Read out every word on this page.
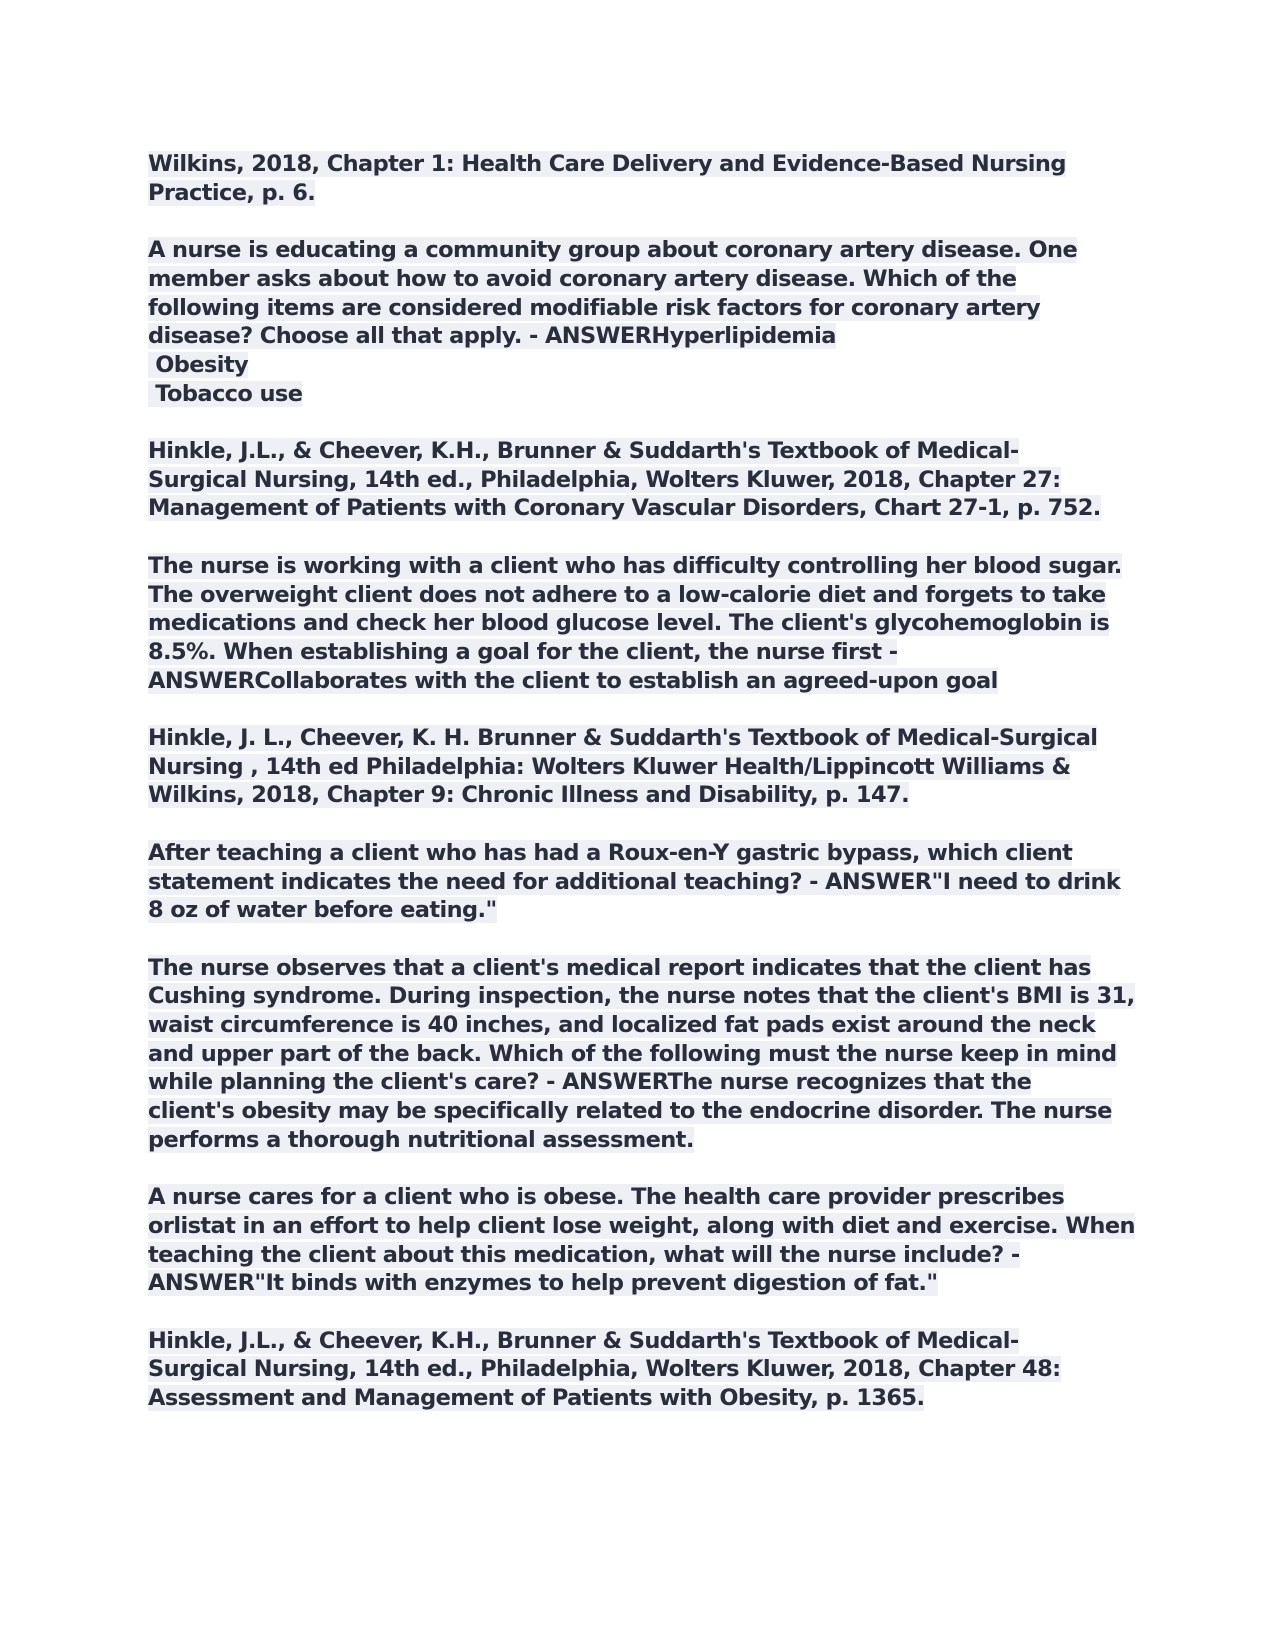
Wilkins, 2018, Chapter 1: Health Care Delivery and Evidence-Based Nursing
Practice, p. 6.
A nurse is educating a community group about coronary artery disease. One
member asks about how to avoid coronary artery disease. Which of the
following items are considered modifiable risk factors for coronary artery
disease? Choose all that apply. - ANSWERHyperlipidemia
Obesity
Tobacco use
Hinkle, J.L., & Cheever, K.H., Brunner & Suddarth's Textbook of Medical-
Surgical Nursing, 14th ed., Philadelphia, Wolters Kluwer, 2018, Chapter 27:
Management of Patients with Coronary Vascular Disorders, Chart 27-1, p. 752.
The nurse is working with a client who has difficulty controlling her blood sugar.
The overweight client does not adhere to a low-calorie diet and forgets to take
medications and check her blood glucose level. The client's glycohemoglobin is
8.5%. When establishing a goal for the client, the nurse first -
ANSWERCollaborates with the client to establish an agreed-upon goal
Hinkle, J. L., Cheever, K. H. Brunner & Suddarth's Textbook of Medical-Surgical
Nursing , 14th ed Philadelphia: Wolters Kluwer Health/Lippincott Williams &
Wilkins, 2018, Chapter 9: Chronic Illness and Disability, p. 147.
After teaching a client who has had a Roux-en-Y gastric bypass, which client
statement indicates the need for additional teaching? - ANSWER"I need to drink
8 oz of water before eating."
The nurse observes that a client's medical report indicates that the client has
Cushing syndrome. During inspection, the nurse notes that the client's BMI is 31,
waist circumference is 40 inches, and localized fat pads exist around the neck
and upper part of the back. Which of the following must the nurse keep in mind
while planning the client's care? - ANSWERThe nurse recognizes that the
client's obesity may be specifically related to the endocrine disorder. The nurse
performs a thorough nutritional assessment.
A nurse cares for a client who is obese. The health care provider prescribes
orlistat in an effort to help client lose weight, along with diet and exercise. When
teaching the client about this medication, what will the nurse include? -
ANSWER"It binds with enzymes to help prevent digestion of fat."
Hinkle, J.L., & Cheever, K.H., Brunner & Suddarth's Textbook of Medical-
Surgical Nursing, 14th ed., Philadelphia, Wolters Kluwer, 2018, Chapter 48:
Assessment and Management of Patients with Obesity, p. 1365.
